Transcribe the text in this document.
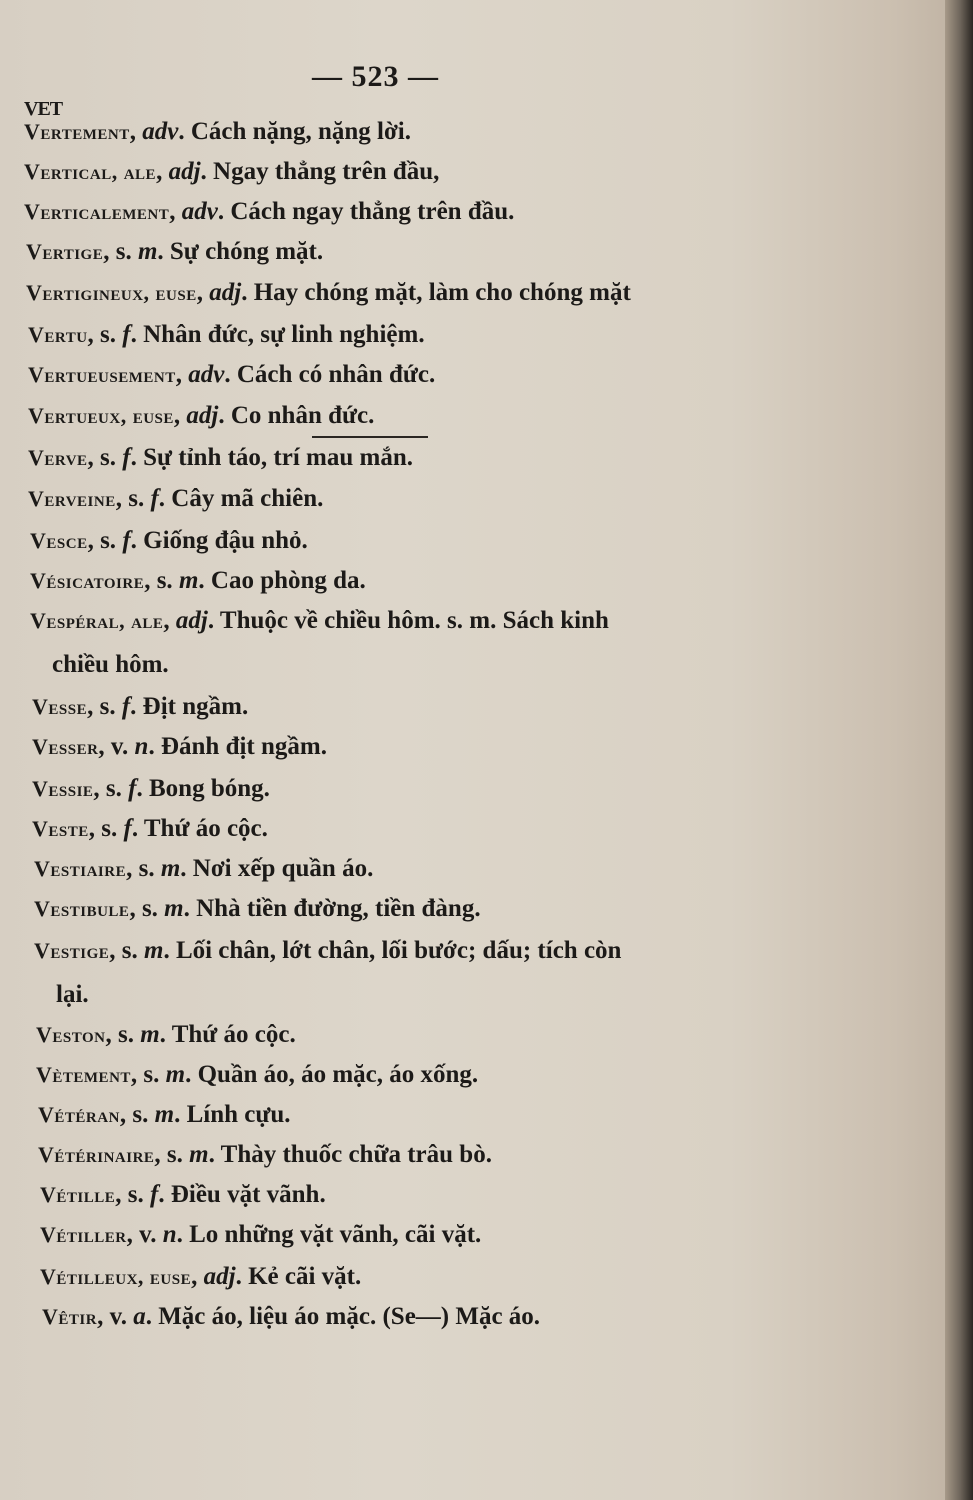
— 523 —
VET
Vertement, adv. Cách nặng, nặng lời.
Vertical, ale, adj. Ngay thẳng trên đầu,
Verticalement, adv. Cách ngay thẳng trên đầu.
Vertige, s. m. Sự chóng mặt.
Vertigineux, euse, adj. Hay chóng mặt, làm cho chóng mặt
Vertu, s. f. Nhân đức, sự linh nghiệm.
Vertueusement, adv. Cách có nhân đức.
Vertueux, euse, adj. Co nhân đức.
Verve, s. f. Sự tỉnh táo, trí mau mắn.
Verveine, s. f. Cây mã chiên.
Vesce, s. f. Giống đậu nhỏ.
Vésicatoire, s. m. Cao phòng da.
Vespéral, ale, adj. Thuộc về chiều hôm. s. m. Sách kinh
chiều hôm.
Vesse, s. f. Địt ngầm.
Vesser, v. n. Đánh địt ngầm.
Vessie, s. f. Bong bóng.
Veste, s. f. Thứ áo cộc.
Vestiaire, s. m. Nơi xếp quần áo.
Vestibule, s. m. Nhà tiền đường, tiền đàng.
Vestige, s. m. Lối chân, lớt chân, lối bước; dấu; tích còn
lại.
Veston, s. m. Thứ áo cộc.
Vètement, s. m. Quần áo, áo mặc, áo xống.
Vétéran, s. m. Lính cựu.
Vétérinaire, s. m. Thày thuốc chữa trâu bò.
Vétille, s. f. Điều vặt vãnh.
Vétiller, v. n. Lo những vặt vãnh, cãi vặt.
Vétilleux, euse, adj. Kẻ cãi vặt.
Vêtir, v. a. Mặc áo, liệu áo mặc. (Se—) Mặc áo.
